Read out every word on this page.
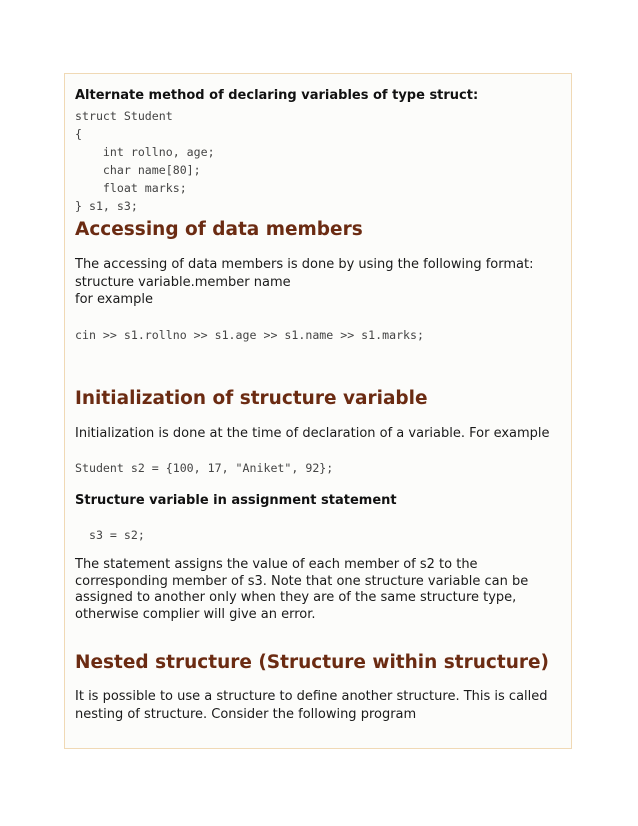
Alternate method of declaring variables of type struct:
struct Student
{
int rollno, age;
char name[80];
float marks;
} s1, s3;
Accessing of data members

The accessing of data members is done by using the following format:

structure variable.member name

for example

cin >> s1.rollno >> s1.age >> s1.name >> s1.marks;
Initialization of structure variable

Initialization is done at the time of declaration of a variable. For example

Student s2 = {100, 17, "Aniket", 92};
Structure variable in assignment statement
s3 = s2;

The statement assigns the value of each member of s2 to the corresponding member of s3. Note that one structure variable can be assigned to another only when they are of the same structure type, otherwise complier will give an error.

Nested structure (Structure within structure)

It is possible to use a structure to define another structure. This is called

nesting of structure. Consider the following program
